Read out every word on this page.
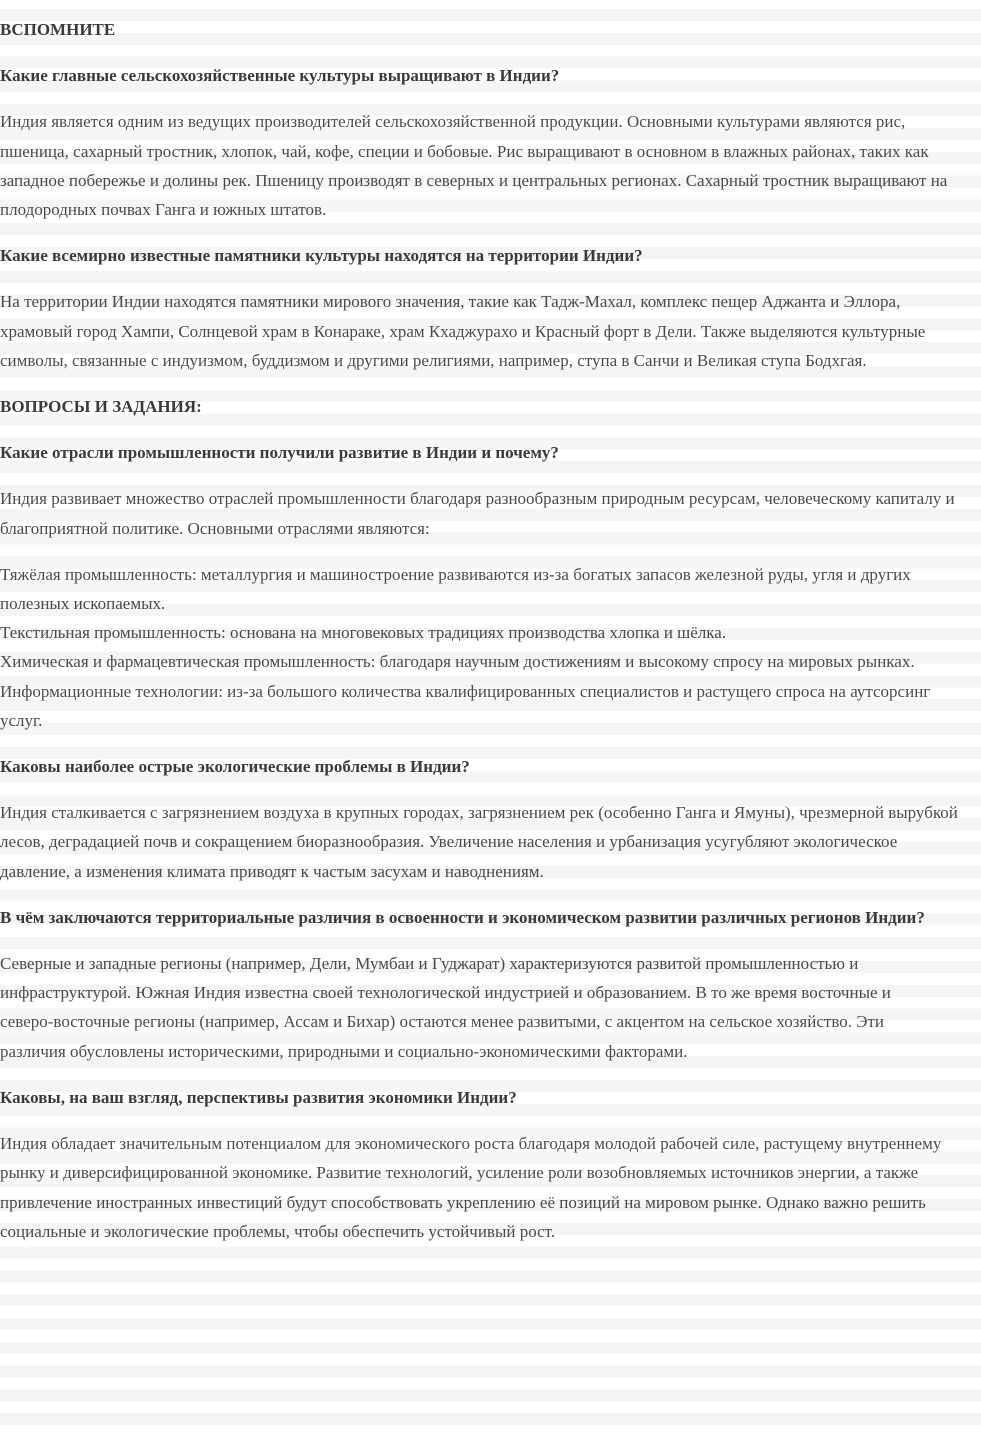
ВСПОМНИТЕ

Какие главные сельскохозяйственные культуры выращивают в Индии?

Индия является одним из ведущих производителей сельскохозяйственной продукции. Основными культурами являются рис, пшеница, сахарный тростник, хлопок, чай, кофе, специи и бобовые. Рис выращивают в основном в влажных районах, таких как западное побережье и долины рек. Пшеницу производят в северных и центральных регионах. Сахарный тростник выращивают на плодородных почвах Ганга и южных штатов.

Какие всемирно известные памятники культуры находятся на территории Индии?

На территории Индии находятся памятники мирового значения, такие как Тадж-Махал, комплекс пещер Аджанта и Эллора, храмовый город Хампи, Солнцевой храм в Конараке, храм Кхаджурахо и Красный форт в Дели. Также выделяются культурные символы, связанные с индуизмом, буддизмом и другими религиями, например, ступа в Санчи и Великая ступа Бодхгая.

ВОПРОСЫ И ЗАДАНИЯ:

Какие отрасли промышленности получили развитие в Индии и почему?

Индия развивает множество отраслей промышленности благодаря разнообразным природным ресурсам, человеческому капиталу и благоприятной политике. Основными отраслями являются:

Тяжёлая промышленность: металлургия и машиностроение развиваются из-за богатых запасов железной руды, угля и других полезных ископаемых.

Текстильная промышленность: основана на многовековых традициях производства хлопка и шёлка.

Химическая и фармацевтическая промышленность: благодаря научным достижениям и высокому спросу на мировых рынках.

Информационные технологии: из-за большого количества квалифицированных специалистов и растущего спроса на аутсорсинг услуг.

Каковы наиболее острые экологические проблемы в Индии?

Индия сталкивается с загрязнением воздуха в крупных городах, загрязнением рек (особенно Ганга и Ямуны), чрезмерной вырубкой лесов, деградацией почв и сокращением биоразнообразия. Увеличение населения и урбанизация усугубляют экологическое давление, а изменения климата приводят к частым засухам и наводнениям.

В чём заключаются территориальные различия в освоенности и экономическом развитии различных регионов Индии?

Северные и западные регионы (например, Дели, Мумбаи и Гуджарат) характеризуются развитой промышленностью и инфраструктурой. Южная Индия известна своей технологической индустрией и образованием. В то же время восточные и северо-восточные регионы (например, Ассам и Бихар) остаются менее развитыми, с акцентом на сельское хозяйство. Эти различия обусловлены историческими, природными и социально-экономическими факторами.

Каковы, на ваш взгляд, перспективы развития экономики Индии?

Индия обладает значительным потенциалом для экономического роста благодаря молодой рабочей силе, растущему внутреннему рынку и диверсифицированной экономике. Развитие технологий, усиление роли возобновляемых источников энергии, а также привлечение иностранных инвестиций будут способствовать укреплению её позиций на мировом рынке. Однако важно решить социальные и экологические проблемы, чтобы обеспечить устойчивый рост.
